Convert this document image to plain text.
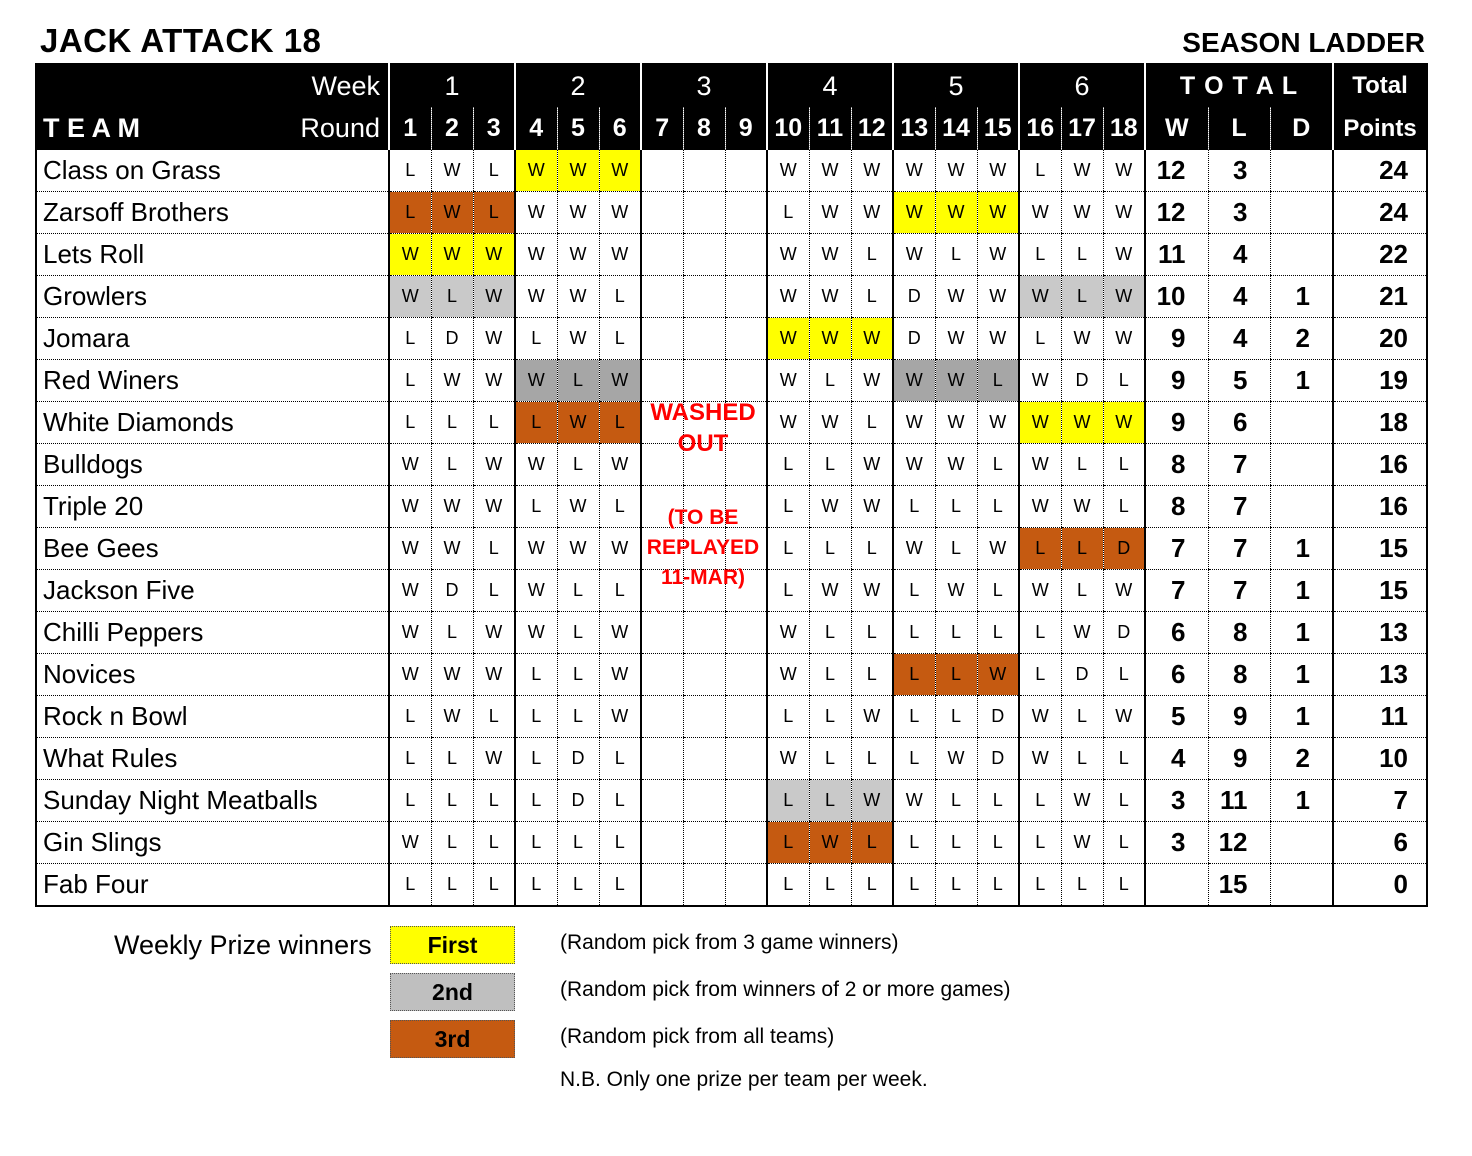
JACK ATTACK 18	SEASON LADDER
Week	1			2			3			4			5			6			T O T A L			Total

T E A M Round	1	2	3	4	5	6	7	8	9	10	11	12	13	14	15	16	17	18	W	L	D	Points
Class on Grass	L	W	L	W	W	W				W	W	W	W	W	W	L	W	W	12	3		24
Zarsoff Brothers	L	W	L	W	W	W				L	W	W	W	W	W	W	W	W	12	3		24
Lets Roll	W	W	W	W	W	W				W	W	L	W	L	W	L	L	W	11	4		22
Growlers	W	L	W	W	W	L				W	W	L	D	W	W	W	L	W	10	4	1	21
Jomara	L	D	W	L	W	L				W	W	W	D	W	W	L	W	W	9	4	2	20
Red Winers	L	W	W	W	L	W				W	L	W	W	W	L	W	D	L	9	5	1	19
White Diamonds	L	L	L	L	W	L				W	W	L	W	W	W	W	W	W	9	6		18
Bulldogs	W	L	W	W	L	W				L	L	W	W	W	L	W	L	L	8	7		16
Triple 20	W	W	W	L	W	L				L	W	W	L	L	L	W	W	L	8	7		16
Bee Gees	W	W	L	W	W	W				L	L	L	W	L	W	L	L	D	7	7	1	15
Jackson Five	W	D	L	W	L	L				L	W	W	L	W	L	W	L	W	7	7	1	15
Chilli Peppers	W	L	W	W	L	W				W	L	L	L	L	L	L	W	D	6	8	1	13
Novices	W	W	W	L	L	W				W	L	L	L	L	W	L	D	L	6	8	1	13
Rock n Bowl	L	W	L	L	L	W				L	L	W	L	L	D	W	L	W	5	9	1	11
What Rules	L	L	W	L	D	L				W	L	L	L	W	D	W	L	L	4	9	2	10
Sunday Night Meatballs	L	L	L	L	D	L				L	L	W	W	L	L	L	W	L	3	11	1	7
Gin Slings	W	L	L	L	L	L				L	W	L	L	L	L	L	W	L	3	12		6
Fab Four	L	L	L	L	L	L				L	L	L	L	L	L	L	L	L		15		0
WASHED
OUT
(TO BE
REPLAYED
11-MAR)
Weekly Prize winners First	(Random pick from 3 game winners)
2nd	(Random pick from winners of 2 or more games)
3rd	(Random pick from all teams)
N.B. Only one prize per team per week.
